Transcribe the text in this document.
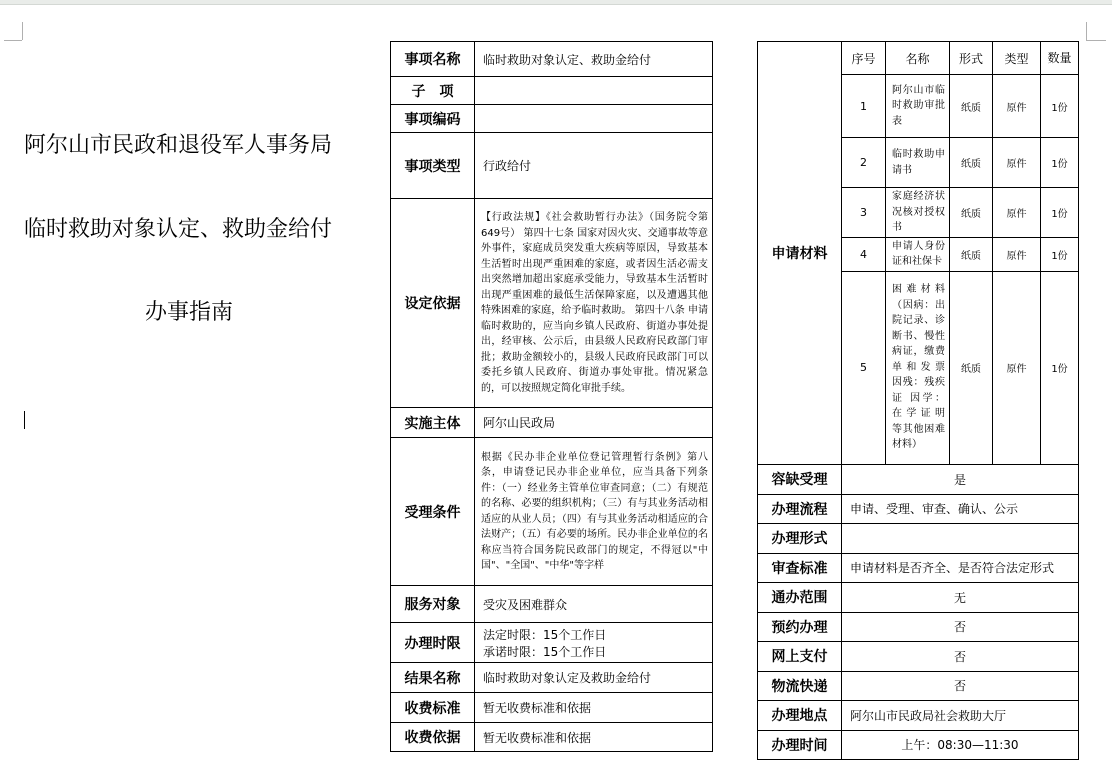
阿尔山市民政和退役军人事务局
临时救助对象认定、救助金给付
办事指南
事项名称	临时救助对象认定、救助金给付
子　项	
事项编码	
事项类型	行政给付
设定依据	【行政法规】《社会救助暂行办法》（国务院令第649号） 第四十七条 国家对因火灾、交通事故等意外事件，家庭成员突发重大疾病等原因，导致基本生活暂时出现严重困难的家庭，或者因生活必需支出突然增加超出家庭承受能力，导致基本生活暂时出现严重困难的最低生活保障家庭，以及遭遇其他特殊困难的家庭，给予临时救助。 第四十八条 申请临时救助的，应当向乡镇人民政府、街道办事处提出，经审核、公示后，由县级人民政府民政部门审批；救助金额较小的，县级人民政府民政部门可以委托乡镇人民政府、街道办事处审批。情况紧急的，可以按照规定简化审批手续。
实施主体	阿尔山民政局
受理条件	根据《民办非企业单位登记管理暂行条例》第八条，申请登记民办非企业单位，应当具备下列条件：（一）经业务主管单位审查同意；（二）有规范的名称、必要的组织机构；（三）有与其业务活动相适应的从业人员；（四）有与其业务活动相适应的合法财产；（五）有必要的场所。民办非企业单位的名称应当符合国务院民政部门的规定，不得冠以"中国"、"全国"、"中华"等字样
服务对象	受灾及困难群众
办理时限	法定时限：15个工作日
承诺时限：15个工作日

结果名称	临时救助对象认定及救助金给付
收费标准	暂无收费标准和依据
收费依据	暂无收费标准和依据
申请材料	序号	名称	形式	类型	数量
	1	阿尔山市临时救助审批表	纸质	原件	1份
	2	临时救助申请书	纸质	原件	1份
	3	家庭经济状况核对授权书	纸质	原件	1份
	4	申请人身份证和社保卡	纸质	原件	1份
	5	困难材料（因病：出院记录、诊断书、慢性病证，缴费单和发票 因残：残疾证 因学：在学证明 等其他困难材料）	纸质	原件	1份
容缺受理	是				
办理流程	申请、受理、审查、确认、公示				
办理形式					
审查标准	申请材料是否齐全、是否符合法定形式				
通办范围	无				
预约办理	否				
网上支付	否				
物流快递	否				
办理地点	阿尔山市民政局社会救助大厅				
办理时间	上午：08:30—11:30				
